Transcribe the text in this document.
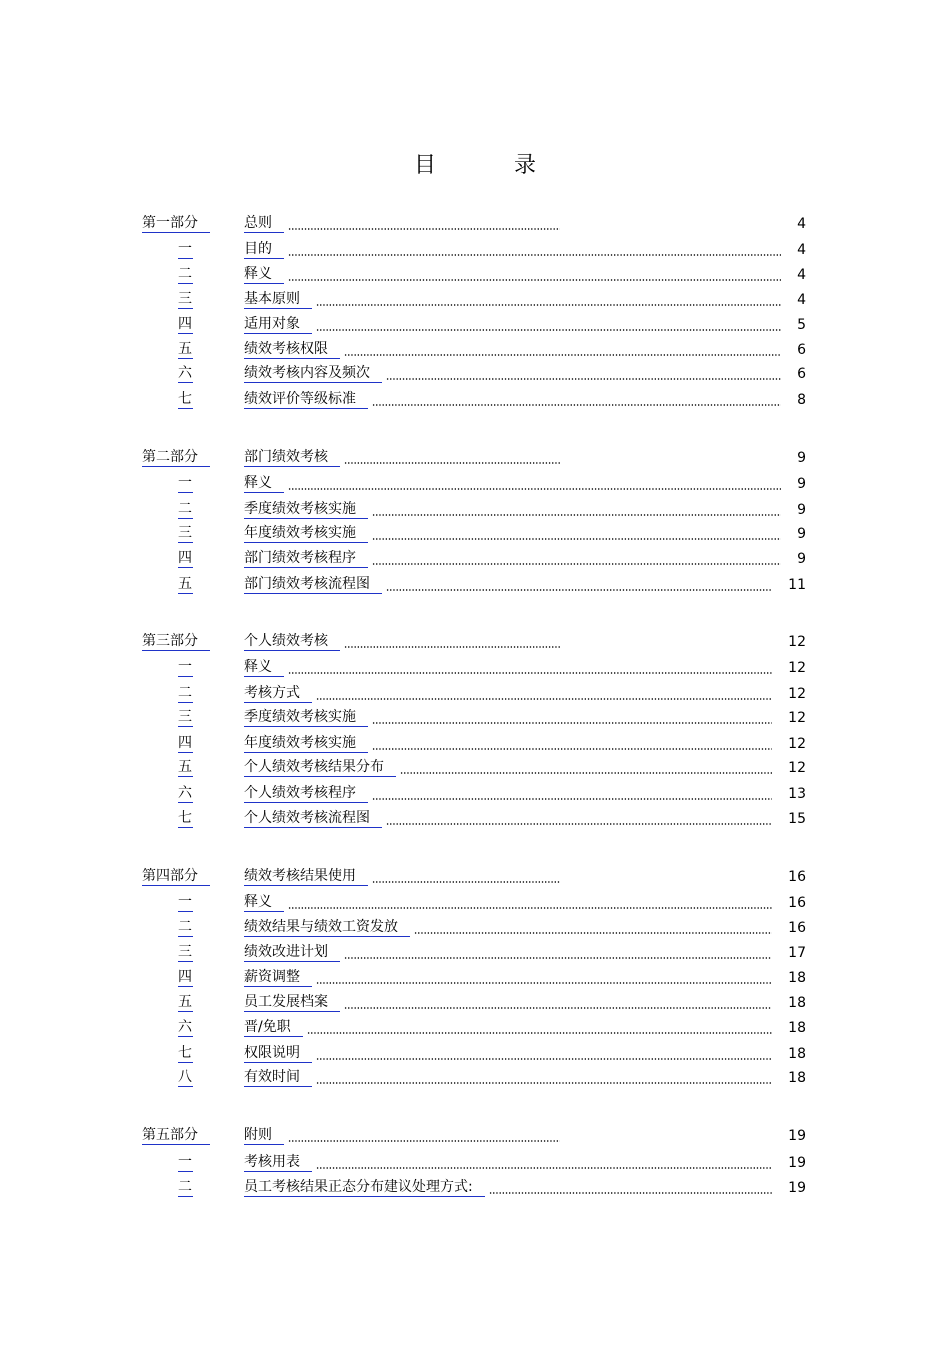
目　录
第一部分	总则	4
一	目的	4
二	释义	4
三	基本原则	4
四	适用对象	5
五	绩效考核权限	6
六	绩效考核内容及频次	6
七	绩效评价等级标准	8
第二部分	部门绩效考核	9
一	释义	9
二	季度绩效考核实施	9
三	年度绩效考核实施	9
四	部门绩效考核程序	9
五	部门绩效考核流程图	11
第三部分	个人绩效考核	12
一	释义	12
二	考核方式	12
三	季度绩效考核实施	12
四	年度绩效考核实施	12
五	个人绩效考核结果分布	12
六	个人绩效考核程序	13
七	个人绩效考核流程图	15
第四部分	绩效考核结果使用	16
一	释义	16
二	绩效结果与绩效工资发放	16
三	绩效改进计划	17
四	薪资调整	18
五	员工发展档案	18
六	晋/免职	18
七	权限说明	18
八	有效时间	18
第五部分	附则	19
一	考核用表	19
二	员工考核结果正态分布建议处理方式:	19
